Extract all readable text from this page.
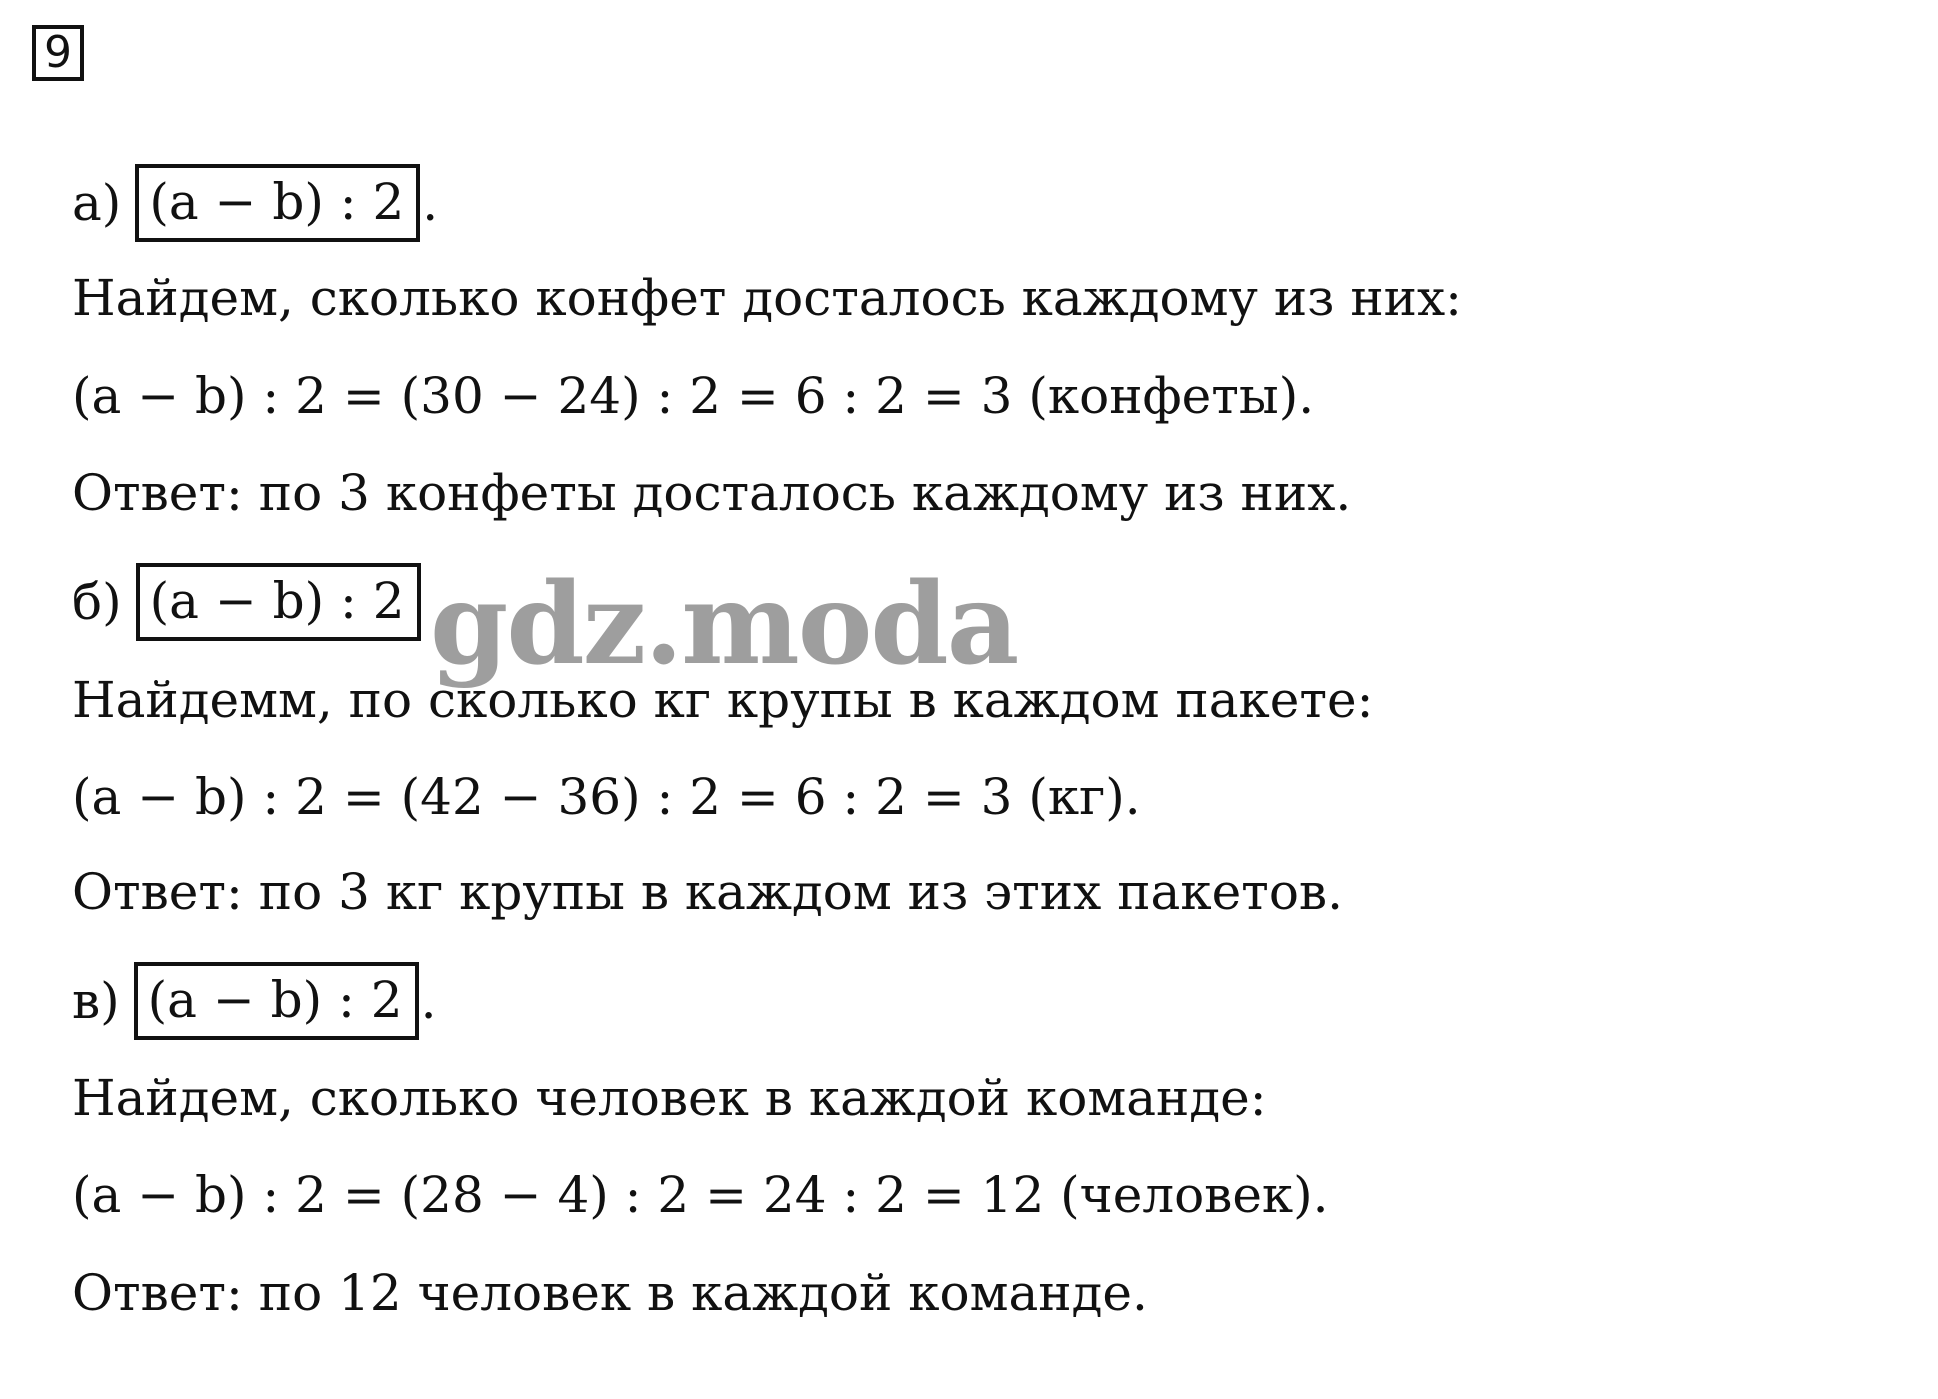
9
а) (a − b) : 2 .
Найдем, сколько конфет досталось каждому из них:
(a − b) : 2 = (30 − 24) : 2 = 6 : 2 = 3 (конфеты).
Ответ: по 3 конфеты досталось каждому из них.
б) (a − b) : 2
Найдемм, по сколько кг крупы в каждом пакете:
(a − b) : 2 = (42 − 36) : 2 = 6 : 2 = 3 (кг).
Ответ: по 3 кг крупы в каждом из этих пакетов.
в) (a − b) : 2 .
Найдем, сколько человек в каждой команде:
(a − b) : 2 = (28 − 4) : 2 = 24 : 2 = 12 (человек).
Ответ: по 12 человек в каждой команде.
gdz.moda
